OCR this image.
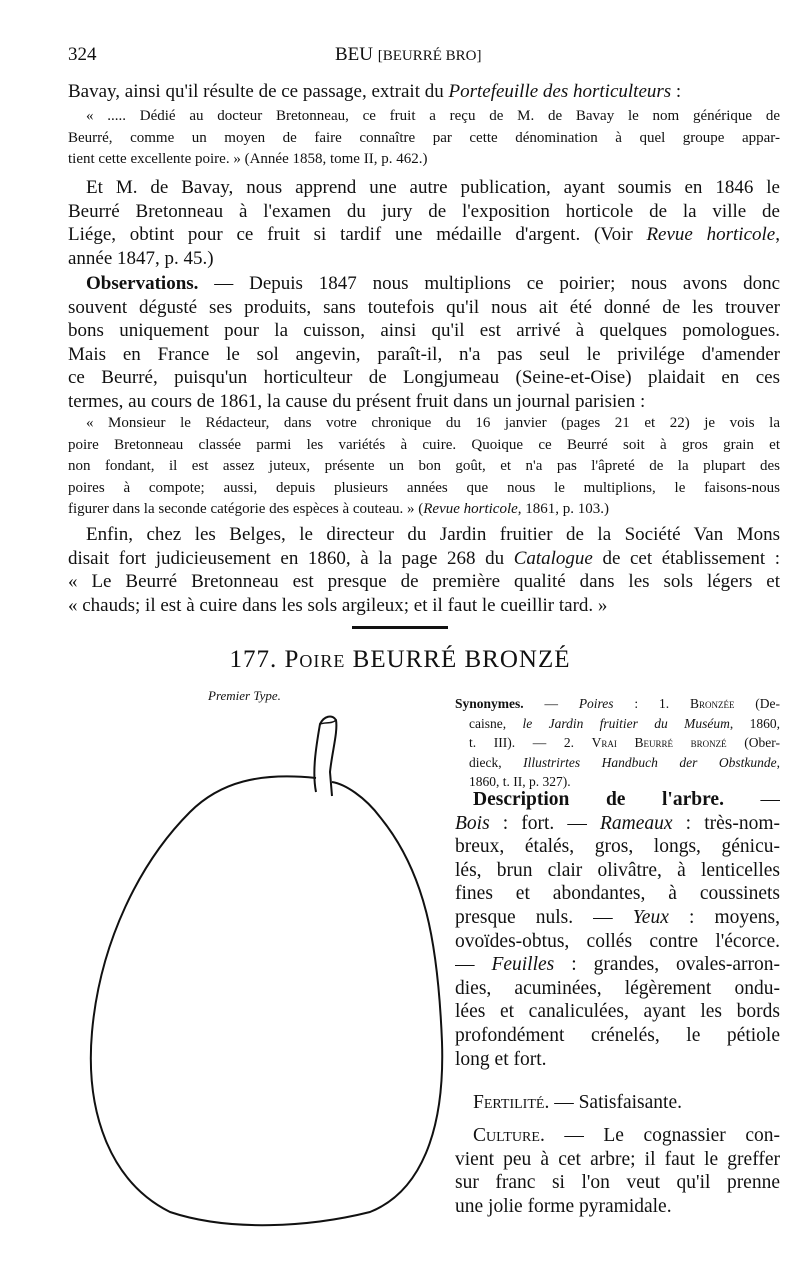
324	BEU [BEURRÉ BRO]
Bavay, ainsi qu'il résulte de ce passage, extrait du Portefeuille des horticulteurs :
« ..... Dédié au docteur Bretonneau, ce fruit a reçu de M. de Bavay le nom générique de
Beurré, comme un moyen de faire connaître par cette dénomination à quel groupe appar-
tient cette excellente poire. » (Année 1858, tome II, p. 462.)
Et M. de Bavay, nous apprend une autre publication, ayant soumis en 1846 le
Beurré Bretonneau à l'examen du jury de l'exposition horticole de la ville de
Liége, obtint pour ce fruit si tardif une médaille d'argent. (Voir Revue horticole,
année 1847, p. 45.)
Observations. — Depuis 1847 nous multiplions ce poirier; nous avons donc
souvent dégusté ses produits, sans toutefois qu'il nous ait été donné de les trouver
bons uniquement pour la cuisson, ainsi qu'il est arrivé à quelques pomologues.
Mais en France le sol angevin, paraît-il, n'a pas seul le privilége d'amender
ce Beurré, puisqu'un horticulteur de Longjumeau (Seine-et-Oise) plaidait en ces
termes, au cours de 1861, la cause du présent fruit dans un journal parisien :
« Monsieur le Rédacteur, dans votre chronique du 16 janvier (pages 21 et 22) je vois la
poire Bretonneau classée parmi les variétés à cuire. Quoique ce Beurré soit à gros grain et
non fondant, il est assez juteux, présente un bon goût, et n'a pas l'âpreté de la plupart des
poires à compote; aussi, depuis plusieurs années que nous le multiplions, le faisons-nous
figurer dans la seconde catégorie des espèces à couteau. » (Revue horticole, 1861, p. 103.)
Enfin, chez les Belges, le directeur du Jardin fruitier de la Société Van Mons
disait fort judicieusement en 1860, à la page 268 du Catalogue de cet établissement :
« Le Beurré Bretonneau est presque de première qualité dans les sols légers et
« chauds; il est à cuire dans les sols argileux; et il faut le cueillir tard. »
177. Poire BEURRÉ BRONZÉ
Premier Type.
Synonymes. — Poires : 1. Bronzée (De-
caisne, le Jardin fruitier du Muséum, 1860,
t. III). — 2. Vrai Beurré bronzé (Ober-
dieck, Illustrirtes Handbuch der Obstkunde,
1860, t. II, p. 327).
Description de l'arbre. —
Bois : fort. — Rameaux : très-nom-
breux, étalés, gros, longs, génicu-
lés, brun clair olivâtre, à lenticelles
fines et abondantes, à coussinets
presque nuls. — Yeux : moyens,
ovoïdes-obtus, collés contre l'écorce.
— Feuilles : grandes, ovales-arron-
dies, acuminées, légèrement ondu-
lées et canaliculées, ayant les bords
profondément crénelés, le pétiole
long et fort.
Fertilité. — Satisfaisante.
Culture. — Le cognassier con-
vient peu à cet arbre; il faut le greffer
sur franc si l'on veut qu'il prenne
une jolie forme pyramidale.
